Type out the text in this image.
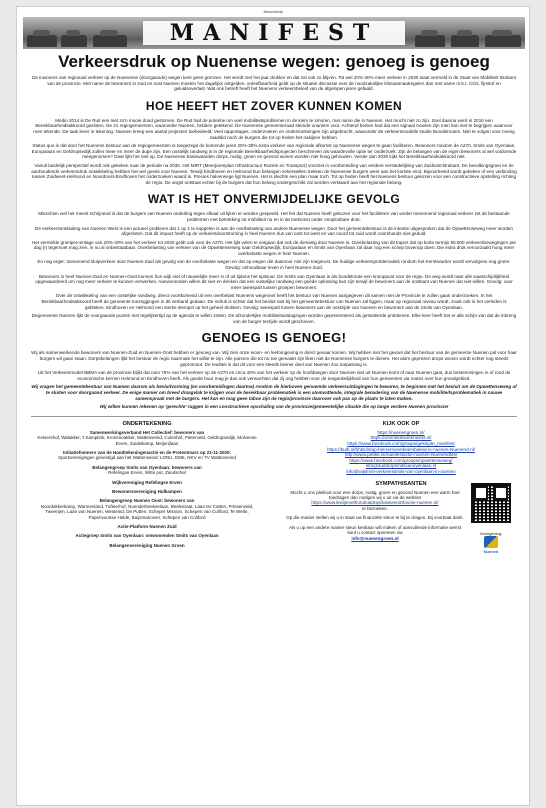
Advertorial
MANIFEST
Verkeersdruk op Nuenense wegen: genoeg is genoeg
De inwoners van regionaal verkeer op de Nuenense (doorgaande) wegen kent geen grenzen. Het wordt met het jaar drukker en dat zal ook zo blijven. Tot wel 20%-30% meer verkeer in 2030 staat vermeld in de Staat van Mobiliteit Brabant van de provincie. Met name de bewoners in zuid en oost Nuenen moeten het dagelijks ontgelden, onleefbaarheid geldt op de situatie discussie over de noodzakelijke klimaatmaatregelen dan met name m.b.t. CO2, fijnstof en geluidsoverlast. Wat ons betreft heeft het Nuenens verkeersbeleid van de afgelopen jaren gefaald.
HOE HEEFT HET ZOVER KUNNEN KOMEN
Medio 2014 is De Ruit een niet zo'n mooie dood gestorven. De Ruit had de potentie om veel mobiliteitsproblemen in de kiem te smoren, met name die in Nuenen. Het mocht niet zo zijn. Snel daarna werd in 2016 een Bereikbaarheidsakkoord gesloten. De 21 regiogemeenten, waaronder Nuenen, hebben getekend. De Nuenense gemeenteraad stemde unaniem voor. Achteraf bezien had dat een signaal moeten zijn men kan niet te begrijpen waarvoor men tekende. De taak lever in tekening. Nuenen kreeg een aantal projecten toebedeeld. Veel rapportages, onderzoeken en onderzoeksingen zijn uitgebracht, waaronder de verkeersmodelle studie Bundelroutes. Niet te volgen voor menig raadslid noch de burgers die tot op heden het nakijken hebben.
Status quo is dat door het Nuenens bestuur aan de regiogemeenten is toegezegd de komende jaren 20%-30% extra verkeer van regionale afkomst op Nuenense wegen te gaan faciliteren. Bewoners rondom de A270, Smits van Oyenlaan, Europalaan en Geldropsedijk zullen meer en meer de dupe zijn. Een oostelijk randweg is in de regionale Bereikbaarheidsprojecten beschreven als waardevolle optie ter onderzoek. Zijn de belangen van de eigen bewoners al wel voldoende meegenomen? Daar lijkt het niet op. De Nuenense basiswaarden dorps, rustig, groen en gezond wonen worden niet hoog gehouden. Verder dan 2030 kijkt het Bereikbaarheidsakkoord niet.
Vanuit landelijk perspectief wordt ook gekeken naar de periode na 2030. Het MIRT (Meerjarenplan Infrastructuur Ruimte en Transport) voorziet in voorbereiding van verdere verstedelijking van Zuidoost-Brabant. De bevolkingsgroei en de aanhoudende verkeersdruk ontwikkeling hebben het wel goeds voor Nuenen. Terwijl Eindhoven en Helmond hun belangen zekerstellen trekken de Nuenense burgers weer aan het kortste eind. Bijvoorbeeld wordt gekeken of een verbinding tussen Zuidwest-Helmond en Noordoost-Eindhoven het onderzoeken waard is. Precies halverwege ligt Nuenen. Het is slechts een plan maar toch. Tot op heden heeft het Nuenens bestuur gekozen voor een constructieve opstelling richting de regio. De angst ontstaat echter bij de burgers dat hun belang ondergeschikt zal worden verklaard aan het regionale belang.
WAT IS HET ONVERMIJDELIJKE GEVOLG
Misschien wel het meest schrijnend is dat de burgers van Nuenen onderling tegen elkaar uit lijken te worden gespeeld. Het feit dat Nuenen heeft gekozen voor het faciliteren van verder toenemend regionaal verkeer zet de bestaande problemen met betrekking tot mobiliteit nu en in de toekomst onder onoplosbare druk.
De verkeersontsluiting van Nuenen West is een actueel probleem dat 1 op 1 te koppelen is aan de overbelasting van andere Nuenense wegen. Door het gemeentebestuur is de intentie uitgesproken dat de Opwettenseweg meer worden afgesloten. Dat dit impact heeft op de verkeersdoorstroming in heel Nuenen dus van oost tot west en van noord tot zuid wordt voorshands niet geduld.
Het vermelde groeipercentage van 20%-30% van het verkeer tot 2030 geldt ook voor de A270. Het lijkt velen te ontgaan dat ook de dienweg door Nuenen is. Overbelasting van dit traject dat op korte termijn 50.000 verkeersbewegingen per dag (!) tegemoet mag zien, is nu al onbestaatbaar. Overbelasting van verkeer van de Opwettenseweg naar Geldropsedijk, Europalaan en Smits van Oyenlaan zal daar nog een schep bovenop doen. Die extra druk veroorzaakt hoog meer overbelaste wegen in heel Nuenen.
En nog erger: toenemend sluipverkeer door Nuenen-Zuid als gevolg van de overbelaste wegen en dat op wegen die daarvoor niet zijn toegerust. De huidige verkeersproblematiek rondom het Kernkwartier wordt vervolgens nog groter. Gevolg: onhoudbaar leven in heel Nuenen-Zuid.
Bewoners in heel Nuenen-Zuid en Nuenen-Oost kunnen hun wijk niet of nauwelijks meer in of uit tijdens het spitsuur. De Smits van Oyenlaan is als bundelroute een knooppunt voor de regio. De weg wordt naar alle waarschijnlijkheid opgewaardeerd om nog meer verkeer te kunnen verwerken. Aanwonenden willen dit niet en denken dat een oostelijke randweg een goede oplossing kan zijn terwijl de bewoners aan de oostkant van Nuenen dat niet willen. Gevolg: voor meer tweespalt tussen groepen bewoners.
Over de ontwikkeling van een oostelijke randweg, direct voortkomend uit een overbelast Nuenens wegennet heeft het bestuur van Nuenen aangegeven dit samen met de Provincie te zullen gaan onderzoeken. In het Bereikbaarheidsakkoord heeft de gemeente toezeggingen in dit verband gedaan. De indruk is echter dat het besluit niet bij het gemeentebestuur van Nuenen zal liggen, maar op regionaal niveau wordt, zoals ook in het verleden is gebleken. Eindhoven en Helmond een sterke stempel op het geheel drukken. Gevolg: tweespalt tussen bewoners aan de oostzijde van Nuenen en bewoners aan de Smits van Oyenlaan.
Degemeente Nuenen lijkt de voorgaande punten niet tegelijkertijd op de agenda te willen zetten. De afzonderlijke mobiliteitsuitdagingen worden gepresenteerd als geïsoleerde problemen. Elke keer heeft het er alle schijn van dat de inbreng van de burger terzijde wordt geschoven.
GENOEG IS GENOEG!
Wij als samenwerkende bewoners van Nuenen-Zuid en Nuenen-Oost hebben er genoeg van. Wij zien onze woon- en leefomgeving in direct gevaar komen. Wij hebben niet het gevoel dat het bestuur van de gemeente Nuenen pal voor haar burgers wil gaan staan. Dorpsbelangen lijkt het bestuur de regio naarmate het wiltie te zijn. Alle pannen die tot nu toe gemaakt zijn liken niet de Nuenense burgers te dienen. Het alom geprezen dorps wonen wordt echter nog steeds gepromoot. De realiteit is dat dit voor een steeds kleiner deel van Nuenen zou toepassing is.
Uit het Verkeersmodel BBMA van de provincie blijkt dat ruim 75% van het verkeer op de A270 en circa 40% van het verkeer op de hoofdwegen door Nuenen niet uit Nuenen komt of naar Nuenen gaat, dus bestemmingen in of rond de economische kernen Helmond en Eindhoven heeft. Als goede buur mag je dan ook verwachten dat zij oog hebben voor de toegankelijkheid van hun gemeentes via routes over hun grondgebied.
Wij vragen het gemeentebestuur van Nuenen daarom als besluitvorming (en voorbereidingen daartoe) rondom de hierboven genoemde verkeersuitdagingen te bewaren, te beginnen met het besluit om de Opwettenseweg af te sluiten voor doorgaand verkeer. De enige manier om breed draagvlak te krijgen voor de bereikbaar problematiek is een alomvattende, integrale benadering van de Nuenense mobiliteitsproblematiek in nauwe samenspraak met de burgers. Het kan en mag geen taboe zijn de regio/provincie daarover ook pas op de plaats te laten maken.
Wij willen kunnen rekenen op 'gerechte' ruggen in een constructieve opschaling van de provincie/gemeentelijke situatie die op lange verdere Nuenen provincie!
ONDERTEKENING
Samenwerkingsverband Het Collectief: bewoners van
Ketsershof, Walakker, 't Kamptink, Krommeakker, Wattenseind, Culenhof, Pieterveld, Geldropsedijk, Molvense Erven, Zuideikamp, Meijerijlaan
Initiatiefnemers van de Handtekeningenactie en de Protestmars op 21-11-2020:
Sportverenigingen gevestigd aan het Wattenseind: LONU, EMK, NKV en TV Wattenseind
Belangengroep Smits van Oyenlaan: bewoners van
Refelingse Erven, Witte put, Zandschel
Wijkvereniging Refelingse Erven
Bewonersvereniging Hulkampen
Belangengroep Nuenen Oost: bewoners van
Noordakkerkamp, Warmenland, Tufteerhof, Nuenderbeekselaan, Beekstraat, Laan ter Catten, Prinsenveld, Tweerijen, Laan van Nuenen, Westeind, De Putten, Scheper Mission, Schepen van Coliford, Te Wetle, Papenvoortse Helde, Buijsmanoven, Schepen van Coliford
Actie-Platform Nuenen Zuid
Actiegroep Smits van Oyenlaan: omwonenden Smits van Oyenlaan
Belangenvereniging Nuenen Groen
KIJK OOK OP
https://nuenengroen.nl/
https://ortoristdewetenwest.nl/
https://www.facebook.com/groups/geknipte_manifest
https://bulb.nl/bhtim/stop-het-teroveerkeersbeleid-in-nuenen-Nuenend-nl/
http://www.petitie.nl/manifestactie-nuenen-NuenendMnl
https://www.facebook.com/groups/opwettenseweg/
info@ouddorpsmitsvanoyenlaan.nl
info@wijsmnit-verkeerssmits-van-oyenlaan-in-nuenen
SYMPATHISANTEN
Mocht u ons plekloot voor een dorps, rustig, groen en gezond Nuenen een warm hart toedragen dan nodigen wij u uit via de website
https://www.ikwijsmethondnatdnijeilasiseerdnfoonie-nuenen.nl/
te bezoeken.
Op die manier stellen wij u in staat uw financiële steun te bij te dragen. Bij voorbaat dank.
Als u op een andere manier steun kenbaar wilt maken of aanvullende informatie wenst kunt u contact opnemen via
info@nuenengroen.nl
Vormgeving:
Nuenen
